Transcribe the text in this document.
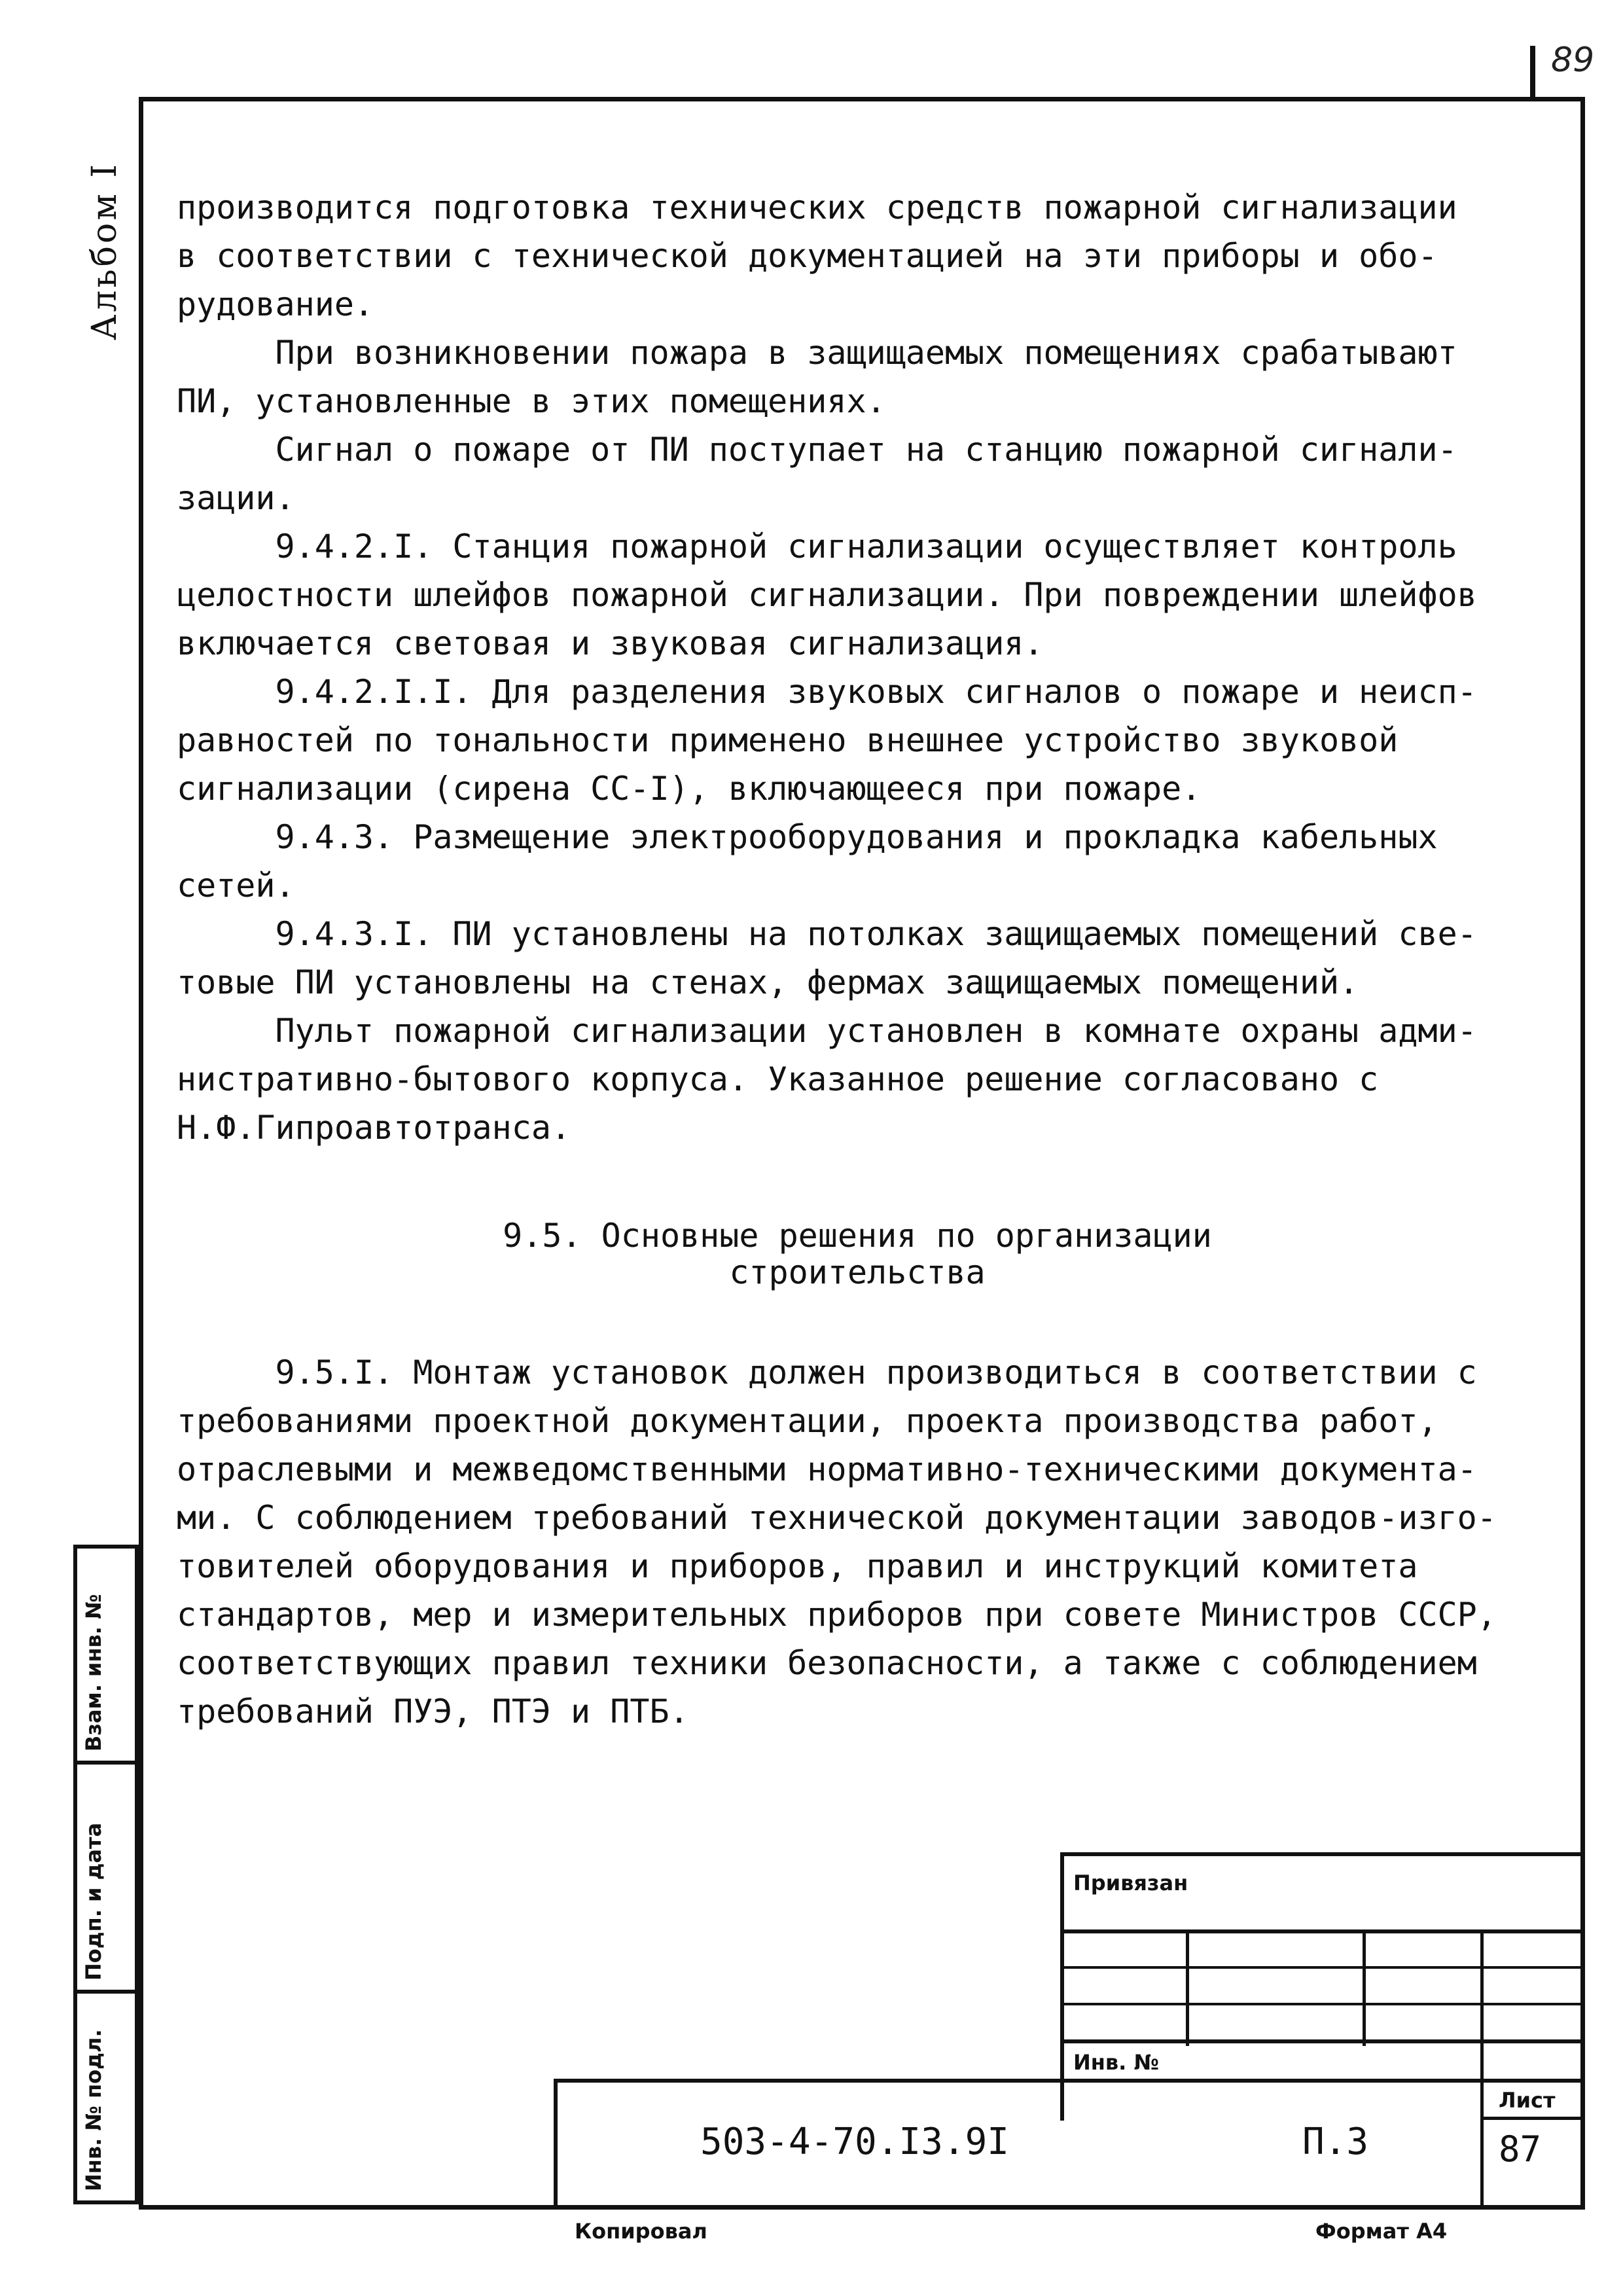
89
Альбом I
Взам. инв. №
Подп. и дата
Инв. № подл.

производится подготовка технических средств пожарной сигнализации

в соответствии с технической документацией на эти приборы и обо-

рудование.

При возникновении пожара в защищаемых помещениях срабатывают

ПИ, установленные в этих помещениях.

Сигнал о пожаре от ПИ поступает на станцию пожарной сигнали-

зации.

9.4.2.I. Станция пожарной сигнализации осуществляет контроль

целостности шлейфов пожарной сигнализации. При повреждении шлейфов

включается световая и звуковая сигнализация.

9.4.2.I.I. Для разделения звуковых сигналов о пожаре и неисп-

равностей по тональности применено внешнее устройство звуковой

сигнализации (сирена СС-I), включающееся при пожаре.

9.4.3. Размещение электрооборудования и прокладка кабельных

сетей.

9.4.3.I. ПИ установлены на потолках защищаемых помещений све-

товые ПИ установлены на стенах, фермах защищаемых помещений.

Пульт пожарной сигнализации установлен в комнате охраны адми-

нистративно-бытового корпуса. Указанное решение согласовано с

Н.Ф.Гипроавтотранса.

9.5. Основные решения по организации
строительства

9.5.I. Монтаж установок должен производиться в соответствии с

требованиями проектной документации, проекта производства работ,

отраслевыми и межведомственными нормативно-техническими документа-

ми. С соблюдением требований технической документации заводов-изго-

товителей оборудования и приборов, правил и инструкций комитета

стандартов, мер и измерительных приборов при совете Министров СССР,

соответствующих правил техники безопасности, а также с соблюдением

требований ПУЭ, ПТЭ и ПТБ.

Привязан
Инв. №
Лист
503-4-70.I3.9I	П.3	87
Копировал	Формат А4
